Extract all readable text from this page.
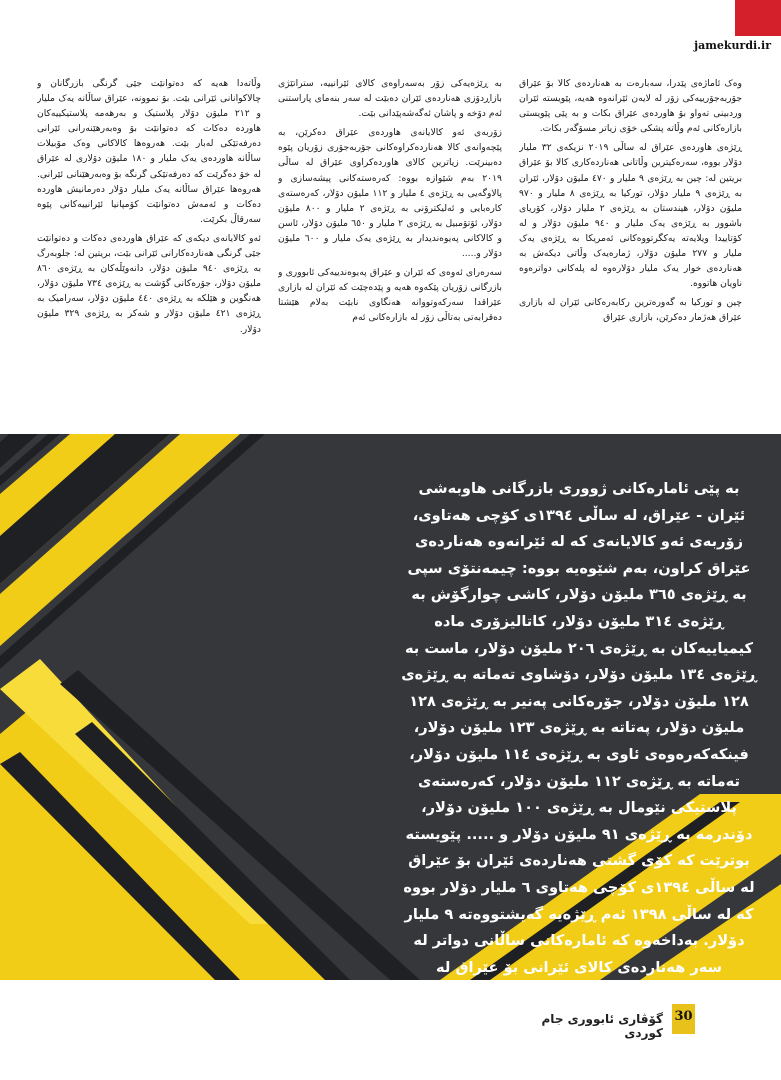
jamekurdi.ir

وەک ئاماژەی پێدرا، سەبارەت بە هەناردەی کالا بۆ عێراق جۆربەجۆرییەکی زۆر لە لایەن ئێرانەوە هەیە، پێویستە ئێران وردبینی تەواو بۆ هاوردەی عێراق بکات و بە پێی پێویستی بازارەکانی ئەم وڵاتە پشکی خۆی زیاتر مسۆگەر بکات.

ڕێژەی هاوردەی عێراق لە ساڵی ٢٠١٩ نزیکەی ٣٢ ملیار دۆلار بووە، سەرەکیترین وڵاتانی هەناردەکاری کالا بۆ عێراق بریتین لە: چین بە ڕێژەی ٩ ملیار و ٤٧٠ ملیۆن دۆلار، ئێران بە ڕێژەی ٩ ملیار دۆلار، تورکیا بە ڕێژەی ٨ ملیار و ٩٧٠ ملیۆن دۆلار، هیندستان بە ڕێژەی ٢ ملیار دۆلار، کۆریای باشوور بە ڕێژەی یەک ملیار و ٩٤٠ ملیۆن دۆلار و لە کۆتاییدا ویلایەتە یەکگرتووەکانی ئەمریکا بە ڕێژەی یەک ملیار و ٢٧٧ ملیۆن دۆلار، ژمارەیەک وڵاتی دیکەش بە هەناردەی خوار یەک ملیار دۆلارەوە لە پلەکانی دواترەوە ناویان هاتووە.

چین و تورکیا بە گەورەترین رکابەرەکانی ئێران لە بازاری عێراق هەژمار دەکرێن، بازاری عێراق

بە ڕێژەیەکی زۆر بەسەراوەی کالای ئێرانییە، ستراتێژی بازاڕدۆزی هەناردەی ئێران دەبێت لە سەر بنەمای پاراستنی ئەم دۆخە و پاشان ئەگەشەپێدانی بێت.

زۆربەی ئەو کالایانەی هاوردەی عێراق دەکرێن، بە پێچەوانەی کالا هەناردەکراوەکانی جۆربەجۆری زۆریان پێوە دەبینرێت. زیاترین کالای هاوردەکراوی عێراق لە ساڵی ٢٠١٩ بەم شێوازە بووە: کەرەستەکانی پیشەسازی و پالاوگەیی بە ڕێژەی ٤ ملیار و ١١٢ ملیۆن دۆلار، کەرەستەی کارەبایی و ئەلیکترۆنی بە ڕێژەی ٢ ملیار و ٨٠٠ ملیۆن دۆلار، ئۆتۆمبیل بە ڕێژەی ٢ ملیار و ٦٥٠ ملیۆن دۆلار، ئاسن و کالاکانی پەیوەندیدار بە ڕێژەی یەک ملیار و ٦٠٠ ملیۆن دۆلار و.....

سەرەرای ئەوەی کە ئێران و عێراق پەیوەندییەکی ئابووری و بازرگانی زۆریان پێکەوە هەیە و پێدەچێت کە ئێران لە بازاری عێراقدا سەرکەوتووانە هەنگاوی نابێت بەلام هێشتا دەقرابەتی بەتاڵی زۆر لە بازارەکانی ئەم

وڵاتەدا هەیە کە دەتوانێت جێی گرنگی بازرگانان و چالاکوانانی ئێرانی بێت. بۆ نموونە، عێراق ساڵانە یەک ملیار و ٢١٢ ملیۆن دۆلار پلاستیک و بەرهەمە پلاستیکییەکان هاوردە دەکات کە دەتوانێت بۆ وەبەرهێنەرانی ئێرانی دەرفەتێکی لەبار بێت. هەروەها کالاکانی وەک مۆبیلات ساڵانە هاوردەی یەک ملیار و ١٨٠ ملیۆن دۆلاری لە عێراق لە خۆ دەگرێت کە دەرفەتێکی گرنگە بۆ وەبەرهێنانی ئێرانی. هەروەها عێراق ساڵانە یەک ملیار دۆلار دەرمانیش هاوردە دەکات و ئەمەش دەتوانێت کۆمپانیا ئێرانییەکانی پێوە سەرقاڵ بکرێت.

ئەو کالایانەی دیکەی کە عێراق هاوردەی دەکات و دەتوانێت جێی گرنگی هەناردەکارانی ئێرانی بێت، بریتین لە: جلوبەرگ بە ڕێژەی ٩٤٠ ملیۆن دۆلار، دانەوێڵەکان بە ڕێژەی ٨٦٠ ملیۆن دۆلار، جۆرەکانی گۆشت بە ڕێژەی ٧٣٤ ملیۆن دۆلار، هەنگوین و هێلکە بە ڕێژەی ٤٤٠ ملیۆن دۆلار، سەرامیک بە ڕێژەی ٤٢١ ملیۆن دۆلار و شەکر بە ڕێژەی ٣٢٩ ملیۆن دۆلار.

بە پێی ئامارەکانی ژووری بازرگانی هاوبەشی ئێران - عێراق، لە ساڵی ١٣٩٤ی کۆچی هەتاوی، زۆربەی ئەو کالایانەی کە لە ئێرانەوە هەناردەی عێراق کراون، بەم شێوەیە بووە: چیمەنتۆی سپی بە ڕێژەی ٣٦٥ ملیۆن دۆلار، کاشی چوارگۆش بە ڕێژەی ٣١٤ ملیۆن دۆلار، کاتالیزۆری مادە کیمیاییەکان بە ڕێژەی ٢٠٦ ملیۆن دۆلار، ماست بە ڕێژەی ١٣٤ ملیۆن دۆلار، دۆشاوی تەماتە بە ڕێژەی ١٢٨ ملیۆن دۆلار، جۆرەکانی پەنیر بە ڕێژەی ١٢٨ ملیۆن دۆلار، پەتاتە بە ڕێژەی ١٢٣ ملیۆن دۆلار، فینکەکەرەوەی ئاوی بە ڕێژەی ١١٤ ملیۆن دۆلار، تەماتە بە ڕێژەی ١١٢ ملیۆن دۆلار، کەرەستەی پلاستیکی نێومال بە ڕێژەی ١٠٠ ملیۆن دۆلار، دۆندرمە بە ڕێژەی ٩١ ملیۆن دۆلار و ..... پێویستە بوترێت کە کۆی گشتی هەناردەی ئێران بۆ عێراق لە ساڵی ١٣٩٤ی کۆچی هەتاوی ٦ ملیار دۆلار بووە کە لە ساڵی ١٣٩٨ ئەم ڕێژەیە گەیشتووەتە ٩ ملیار دۆلار. بەداخەوە کە ئامارەکانی ساڵانی دواتر لە سەر هەناردەی کالای ئێرانی بۆ عێراق لە بەردەستدا نەبووە.
30
گۆڤاری ئابووری جام کوردی
